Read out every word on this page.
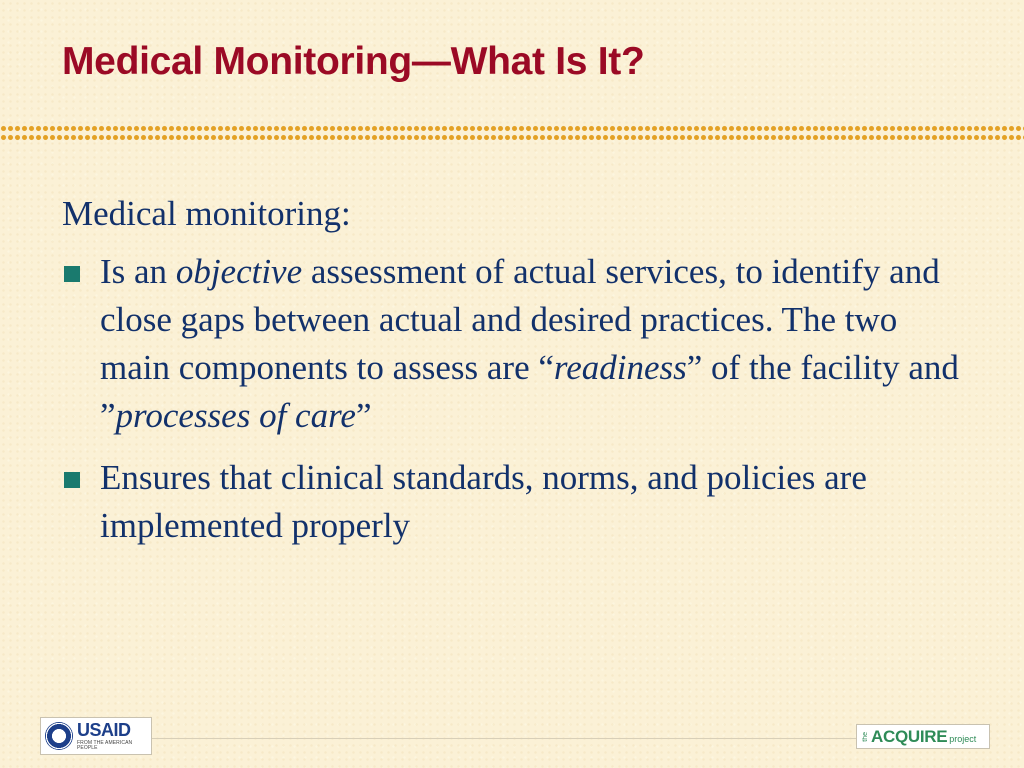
Medical Monitoring—What Is It?

Medical monitoring:

Is an objective assessment of actual services, to identify and close gaps between actual and desired practices. The two main components to assess are “readiness” of the facility and ”processes of care”
Ensures that clinical standards, norms, and policies are implemented properly
USAID
FROM THE AMERICAN PEOPLE
the ACQUIRE project
